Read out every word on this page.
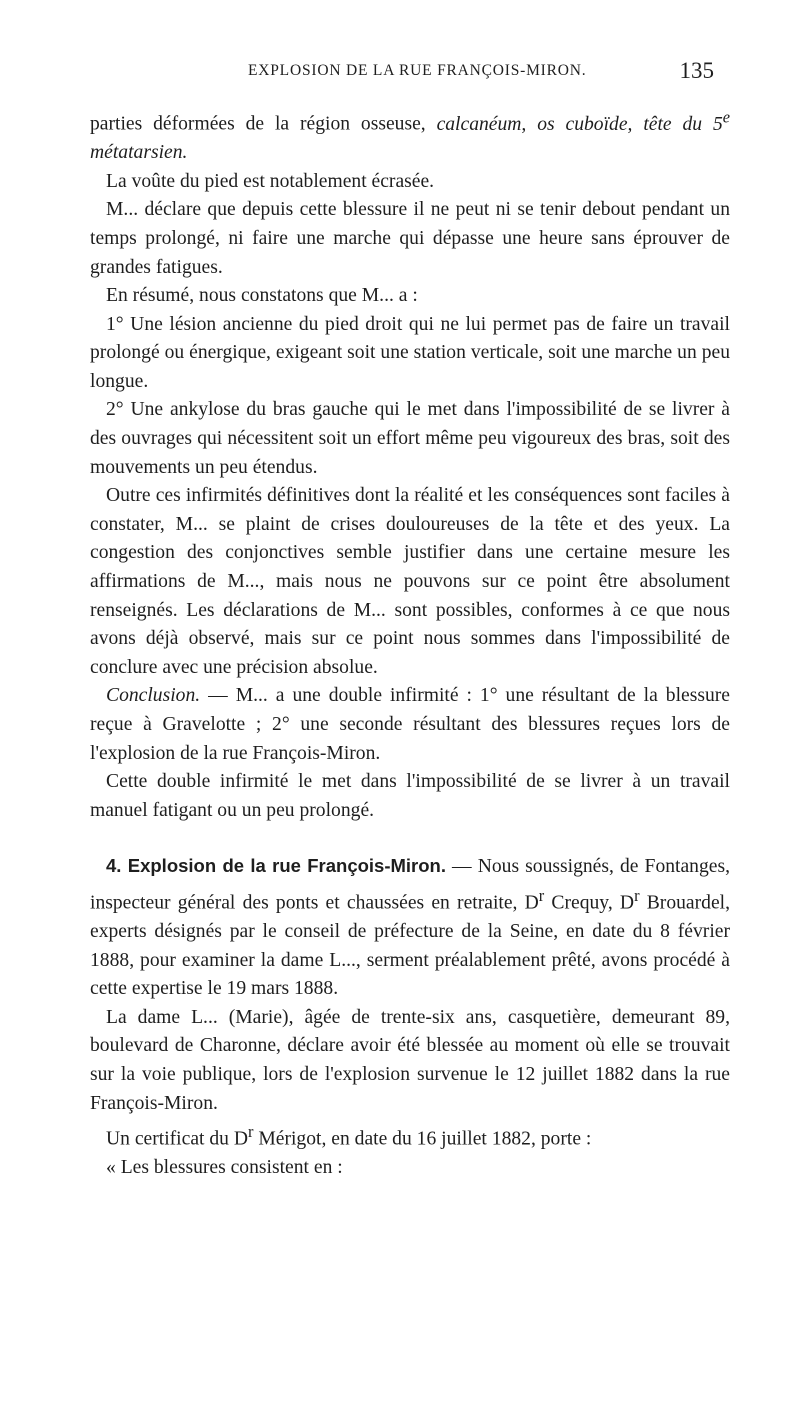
EXPLOSION DE LA RUE FRANÇOIS-MIRON.	135

parties déformées de la région osseuse, calcanéum, os cuboïde, tête du 5e métatarsien.

La voûte du pied est notablement écrasée.

M... déclare que depuis cette blessure il ne peut ni se tenir debout pendant un temps prolongé, ni faire une marche qui dépasse une heure sans éprouver de grandes fatigues.

En résumé, nous constatons que M... a :

1° Une lésion ancienne du pied droit qui ne lui permet pas de faire un travail prolongé ou énergique, exigeant soit une station verticale, soit une marche un peu longue.

2° Une ankylose du bras gauche qui le met dans l'impossibilité de se livrer à des ouvrages qui nécessitent soit un effort même peu vigoureux des bras, soit des mouvements un peu étendus.

Outre ces infirmités définitives dont la réalité et les conséquences sont faciles à constater, M... se plaint de crises douloureuses de la tête et des yeux. La congestion des conjonctives semble justifier dans une certaine mesure les affirmations de M..., mais nous ne pouvons sur ce point être absolument renseignés. Les déclarations de M... sont possibles, conformes à ce que nous avons déjà observé, mais sur ce point nous sommes dans l'impossibilité de conclure avec une précision absolue.

Conclusion. — M... a une double infirmité : 1° une résultant de la blessure reçue à Gravelotte ; 2° une seconde résultant des blessures reçues lors de l'explosion de la rue François-Miron.

Cette double infirmité le met dans l'impossibilité de se livrer à un travail manuel fatigant ou un peu prolongé.

4. Explosion de la rue François-Miron. — Nous soussignés, de Fontanges, inspecteur général des ponts et chaussées en retraite, $D^r$ Crequy, $D^r$ Brouardel, experts désignés par le conseil de préfecture de la Seine, en date du 8 février 1888, pour examiner la dame L..., serment préalablement prêté, avons procédé à cette expertise le 19 mars 1888.

La dame L... (Marie), âgée de trente-six ans, casquetière, demeurant 89, boulevard de Charonne, déclare avoir été blessée au moment où elle se trouvait sur la voie publique, lors de l'explosion survenue le 12 juillet 1882 dans la rue François-Miron.

Un certificat du $D^r$ Mérigot, en date du 16 juillet 1882, porte :

« Les blessures consistent en :
